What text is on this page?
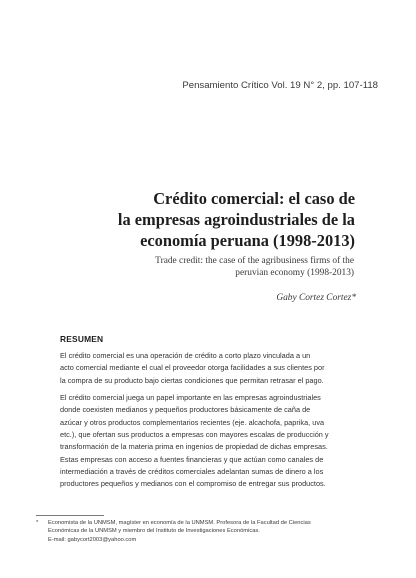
Pensamiento Crítico Vol. 19 N° 2, pp. 107-118
Crédito comercial: el caso de
la empresas agroindustriales de la
economía peruana (1998-2013)
Trade credit: the case of the agribusiness firms of the
peruvian economy (1998-2013)
Gaby Cortez Cortez*
RESUMEN

El crédito comercial es una operación de crédito a corto plazo vinculada a un
acto comercial mediante el cual el proveedor otorga facilidades a sus clientes por
la compra de su producto bajo ciertas condiciones que permitan retrasar el pago.

El crédito comercial juega un papel importante en las empresas agroindustriales
donde coexisten medianos y pequeños productores básicamente de caña de
azúcar y otros productos complementarios recientes (eje. alcachofa, paprika, uva
etc.), que ofertan sus productos a empresas con mayores escalas de producción y
transformación de la materia prima en ingenios de propiedad de dichas empresas.
Estas empresas con acceso a fuentes financieras y que actúan como canales de
intermediación a través de créditos comerciales adelantan sumas de dinero a los
productores pequeños y medianos con el compromiso de entregar sus productos.

* Economista de la UNMSM, magíster en economía de la UNMSM. Profesora de la Facultad de Ciencias
Económicas de la UNMSM y miembro del Instituto de Investigaciones Económicas.
E-mail: gabycort2003@yahoo.com
